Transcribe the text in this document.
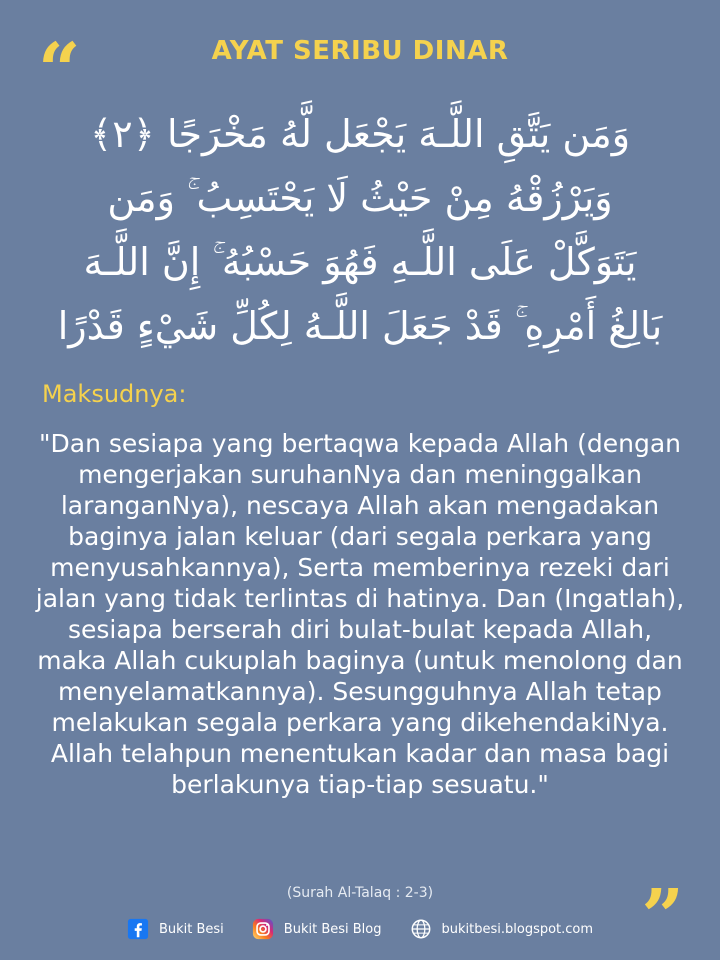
“	AYAT SERIBU DINAR
وَمَن يَتَّقِ اللَّـهَ يَجْعَل لَّهُ مَخْرَجًا ﴿٢﴾
وَيَرْزُقْهُ مِنْ حَيْثُ لَا يَحْتَسِبُ ۚ وَمَن
يَتَوَكَّلْ عَلَى اللَّـهِ فَهُوَ حَسْبُهُ ۚ إِنَّ اللَّـهَ
بَالِغُ أَمْرِهِ ۚ قَدْ جَعَلَ اللَّـهُ لِكُلِّ شَيْءٍ قَدْرًا
Maksudnya:
"Dan sesiapa yang bertaqwa kepada Allah (dengan mengerjakan suruhanNya dan meninggalkan laranganNya), nescaya Allah akan mengadakan baginya jalan keluar (dari segala perkara yang menyusahkannya), Serta memberinya rezeki dari jalan yang tidak terlintas di hatinya. Dan (Ingatlah), sesiapa berserah diri bulat-bulat kepada Allah, maka Allah cukuplah baginya (untuk menolong dan menyelamatkannya). Sesungguhnya Allah tetap melakukan segala perkara yang dikehendakiNya. Allah telahpun menentukan kadar dan masa bagi berlakunya tiap-tiap sesuatu."
(Surah Al-Talaq : 2-3)	”
Bukit Besi	Bukit Besi Blog	bukitbesi.blogspot.com
